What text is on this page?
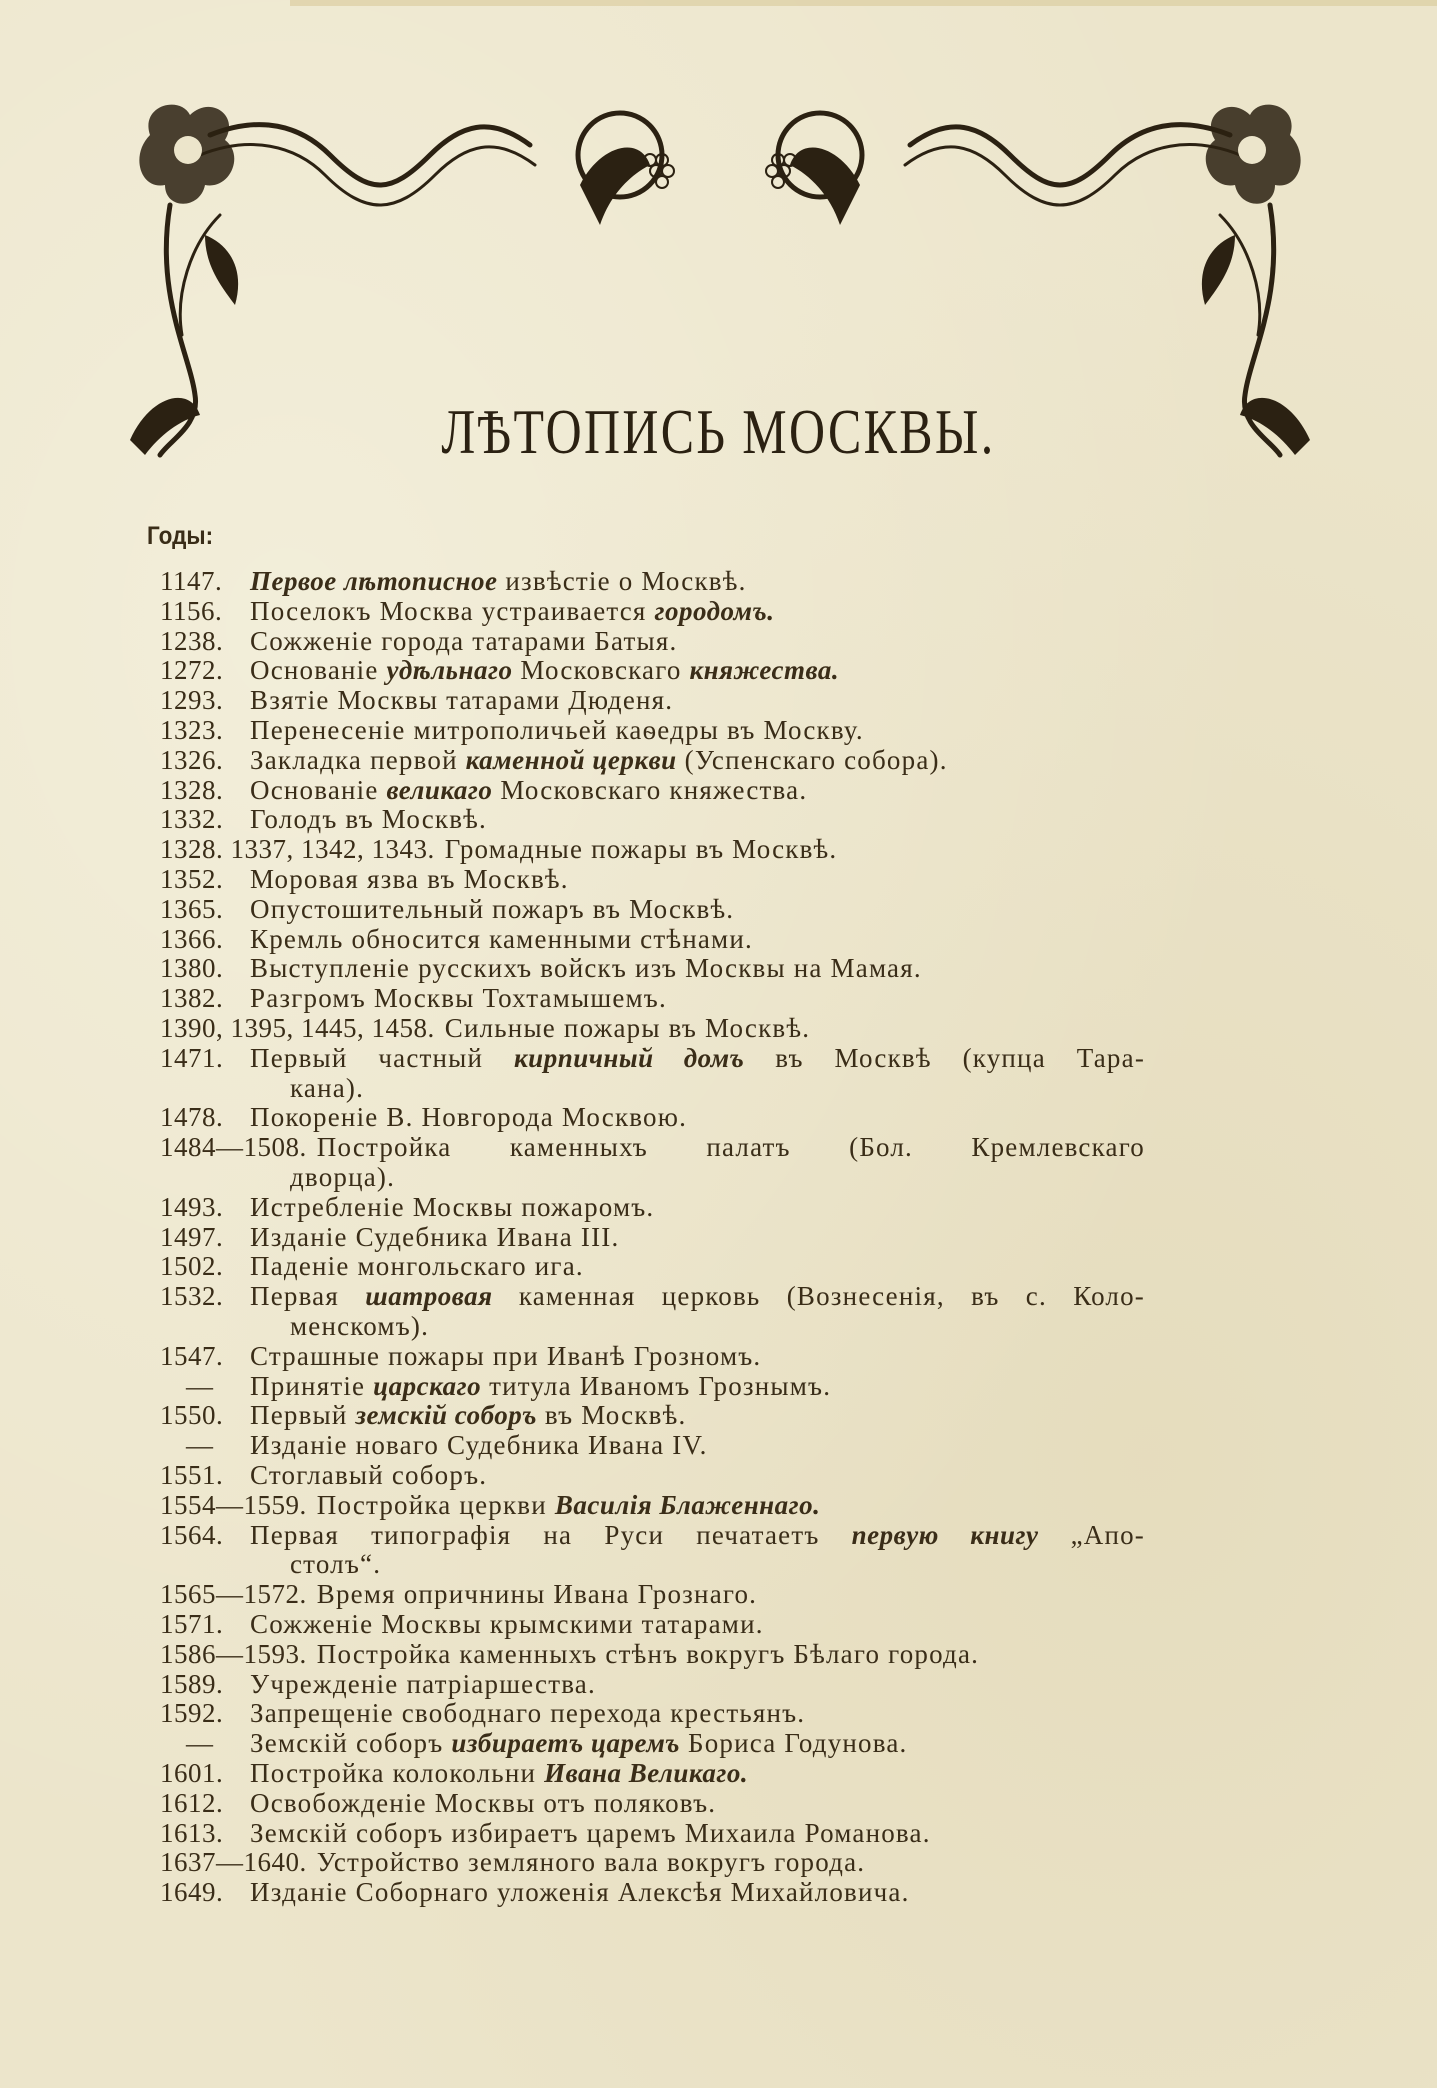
ЛѢТОПИСЬ МОСКВЫ.
Годы:
1147. Первое лѣтописное извѣстіе о Москвѣ.
1156. Поселокъ Москва устраивается городомъ.
1238. Сожженіе города татарами Батыя.
1272. Основаніе удѣльнаго Московскаго княжества.
1293. Взятіе Москвы татарами Дюденя.
1323. Перенесеніе митрополичьей каѳедры въ Москву.
1326. Закладка первой каменной церкви (Успенскаго собора).
1328. Основаніе великаго Московскаго княжества.
1332. Голодъ въ Москвѣ.
1328. 1337, 1342, 1343. Громадные пожары въ Москвѣ.
1352. Моровая язва въ Москвѣ.
1365. Опустошительный пожаръ въ Москвѣ.
1366. Кремль обносится каменными стѣнами.
1380. Выступленіе русскихъ войскъ изъ Москвы на Мамая.
1382. Разгромъ Москвы Тохтамышемъ.
1390, 1395, 1445, 1458. Сильные пожары въ Москвѣ.
1471. Первый частный кирпичный домъ въ Москвѣ (купца Тара-
кана).
1478. Покореніе В. Новгорода Москвою.
1484—1508. Постройка каменныхъ палатъ (Бол. Кремлевскаго
дворца).
1493. Истребленіе Москвы пожаромъ.
1497. Изданіе Судебника Ивана III.
1502. Паденіе монгольскаго ига.
1532. Первая шатровая каменная церковь (Вознесенія, въ с. Коло-
менскомъ).
1547. Страшные пожары при Иванѣ Грозномъ.
— Принятіе царскаго титула Иваномъ Грознымъ.
1550. Первый земскій соборъ въ Москвѣ.
— Изданіе новаго Судебника Ивана IV.
1551. Стоглавый соборъ.
1554—1559. Постройка церкви Василія Блаженнаго.
1564. Первая типографія на Руси печатаетъ первую книгу „Апо-
столъ“.
1565—1572. Время опричнины Ивана Грознаго.
1571. Сожженіе Москвы крымскими татарами.
1586—1593. Постройка каменныхъ стѣнъ вокругъ Бѣлаго города.
1589. Учрежденіе патріаршества.
1592. Запрещеніе свободнаго перехода крестьянъ.
— Земскій соборъ избираетъ царемъ Бориса Годунова.
1601. Постройка колокольни Ивана Великаго.
1612. Освобожденіе Москвы отъ поляковъ.
1613. Земскій соборъ избираетъ царемъ Михаила Романова.
1637—1640. Устройство земляного вала вокругъ города.
1649. Изданіе Соборнаго уложенія Алексѣя Михайловича.
